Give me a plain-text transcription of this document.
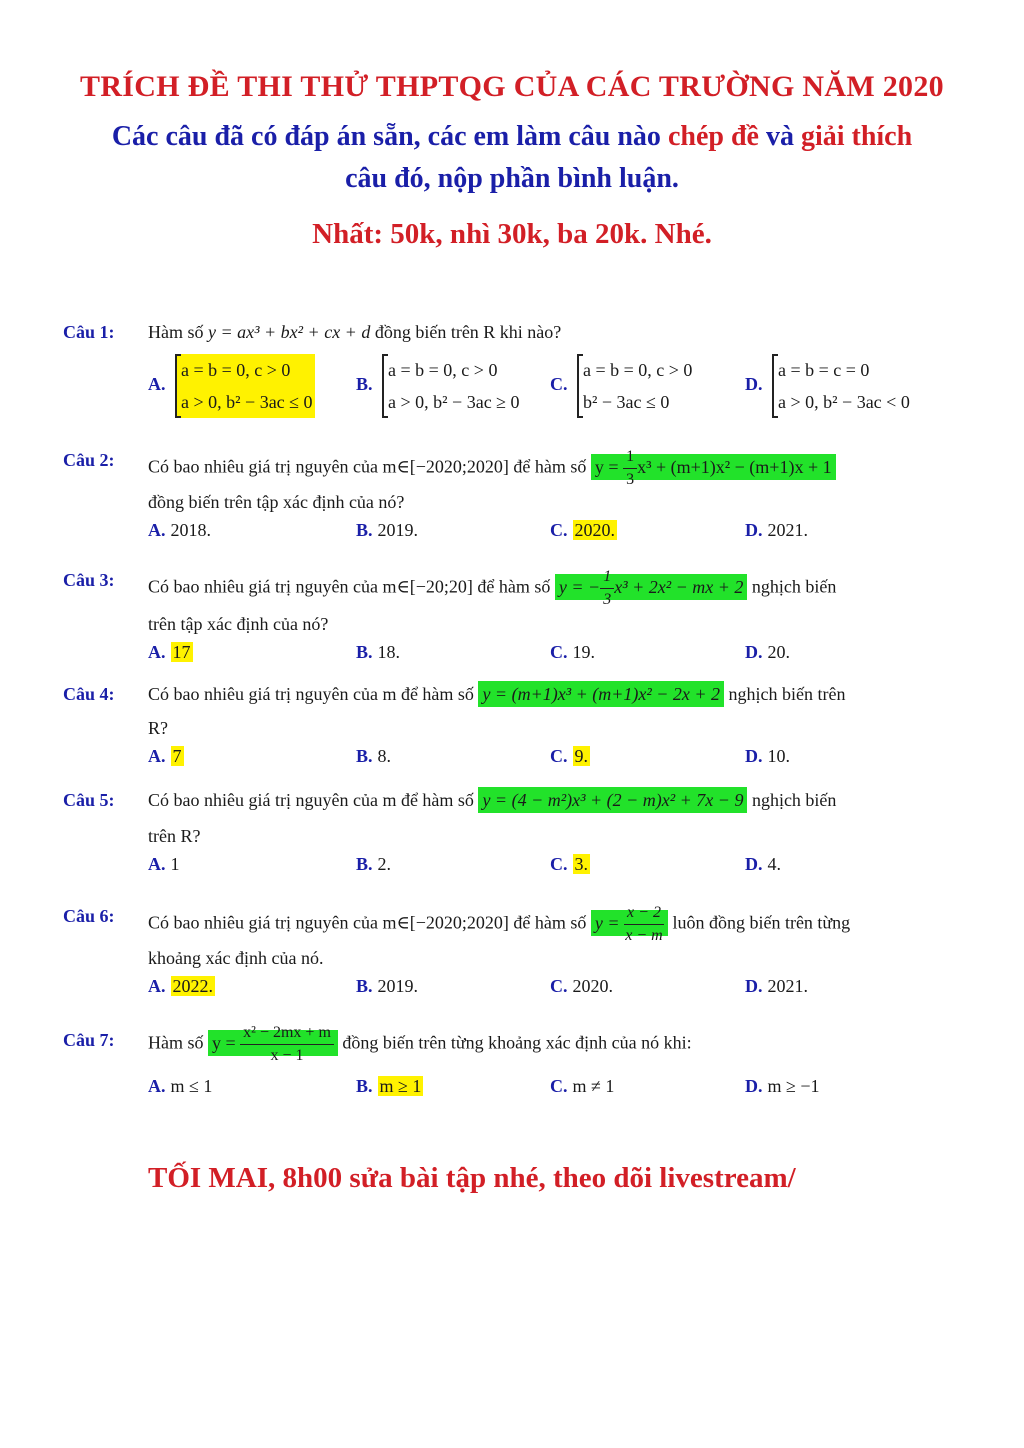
TRÍCH ĐỀ THI THỬ THPTQG CỦA CÁC TRƯỜNG NĂM 2020
Các câu đã có đáp án sẵn, các em làm câu nào chép đề và giải thích
câu đó, nộp phần bình luận.
Nhất: 50k, nhì 30k, ba 20k. Nhé.
Câu 1: Hàm số y = ax³ + bx² + cx + d đồng biến trên R khi nào?
A. a = b = 0, c > 0
a > 0, b² − 3ac ≤ 0
B. a = b = 0, c > 0
a > 0, b² − 3ac ≥ 0
C. a = b = 0, c > 0
b² − 3ac ≤ 0
D. a = b = c = 0
a > 0, b² − 3ac < 0
Câu 2: Có bao nhiêu giá trị nguyên của m∈[−2020;2020] để hàm số $y = \frac{1}{3} x^3 + (m+1)x^2 - (m+1)x + 1$
đồng biến trên tập xác định của nó?
A. 2018.	B. 2019.	C. 2020.	D. 2021.
Câu 3: Có bao nhiêu giá trị nguyên của m∈[−20;20] để hàm số y = − $\frac{1}{3} x^3 + 2x^2$ − mx + 2 nghịch biến
trên tập xác định của nó?
A. 17	B. 18.	C. 19.	D. 20.
Câu 4: Có bao nhiêu giá trị nguyên của m để hàm số y = (m+1)x³ + (m+1)x² − 2x + 2 nghịch biến trên
R?
A. 7	B. 8.	C. 9.	D. 10.
Câu 5: Có bao nhiêu giá trị nguyên của m để hàm số y = (4 − m²)x³ + (2 − m)x² + 7x − 9 nghịch biến
trên R?
A. 1	B. 2.	C. 3.	D. 4.
Câu 6: Có bao nhiêu giá trị nguyên của m∈[−2020;2020] để hàm số $y = \frac{x - 2}{x - m}$ luôn đồng biến trên từng
khoảng xác định của nó.
A. 2022.	B. 2019.	C. 2020.	D. 2021.
Câu 7: Hàm số $y = \frac{\text{x² − 2mx + m}}{x - 1}$ đồng biến trên từng khoảng xác định của nó khi:
A. m ≤ 1	B. m ≥ 1	C. m ≠ 1	D. m ≥ −1
TỐI MAI, 8h00 sửa bài tập nhé, theo dõi livestream/
